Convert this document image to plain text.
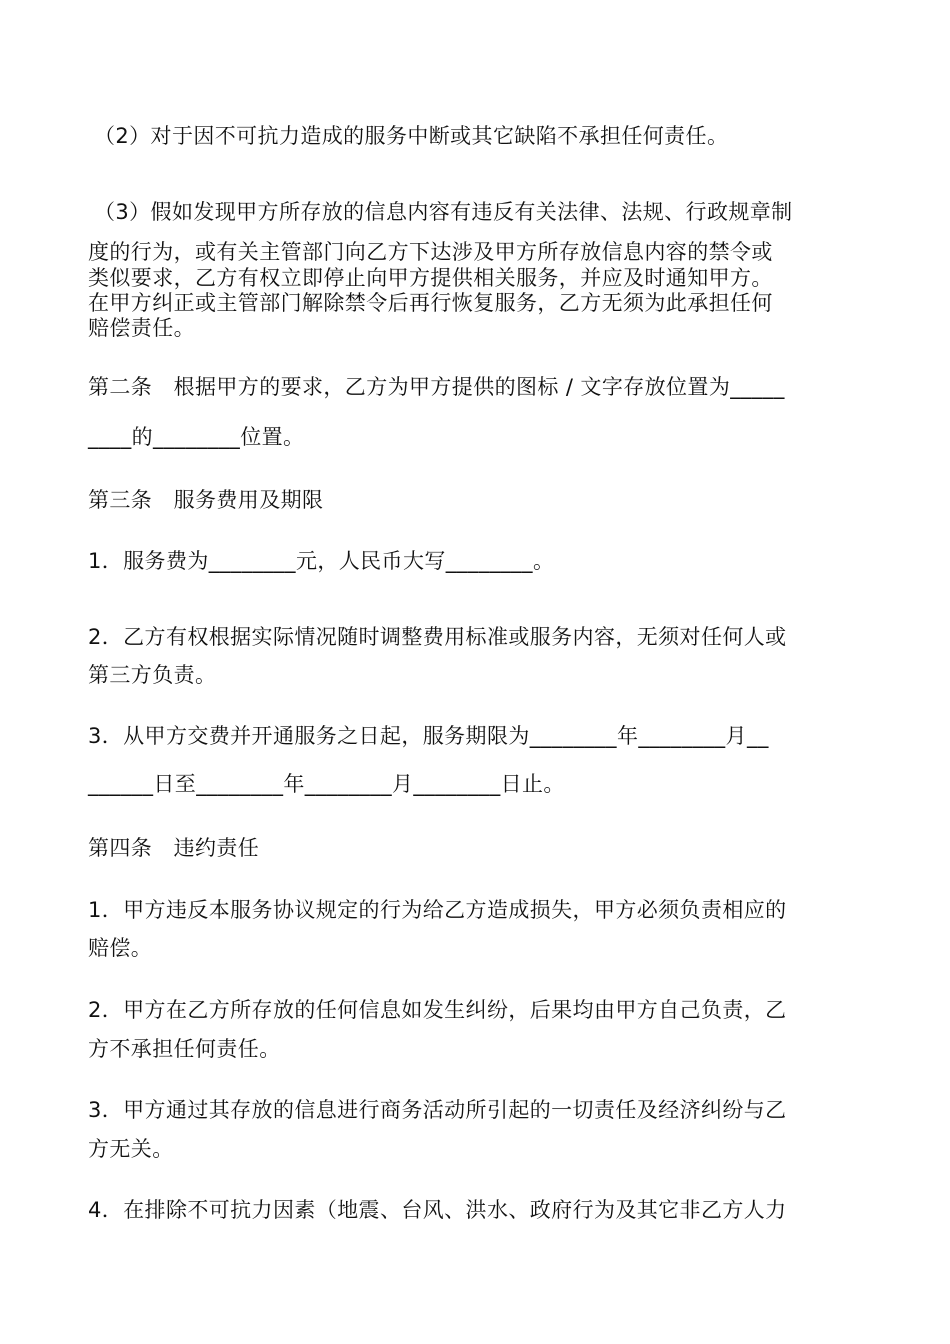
（2）对于因不可抗力造成的服务中断或其它缺陷不承担任何责任。

（3）假如发现甲方所存放的信息内容有违反有关法律、法规、行政规章制

度的行为，或有关主管部门向乙方下达涉及甲方所存放信息内容的禁令或

类似要求，乙方有权立即停止向甲方提供相关服务，并应及时通知甲方。

在甲方纠正或主管部门解除禁令后再行恢复服务，乙方无须为此承担任何

赔偿责任。

第二条　根据甲方的要求，乙方为甲方提供的图标 / 文字存放位置为_____

____的________位置。

第三条　服务费用及期限

1．服务费为________元，人民币大写________。

2．乙方有权根据实际情况随时调整费用标准或服务内容，无须对任何人或

第三方负责。

3．从甲方交费并开通服务之日起，服务期限为________年________月__

______日至________年________月________日止。

第四条　违约责任

1．甲方违反本服务协议规定的行为给乙方造成损失，甲方必须负责相应的

赔偿。

2．甲方在乙方所存放的任何信息如发生纠纷，后果均由甲方自己负责，乙

方不承担任何责任。

3．甲方通过其存放的信息进行商务活动所引起的一切责任及经济纠纷与乙

方无关。

4．在排除不可抗力因素（地震、台风、洪水、政府行为及其它非乙方人力
